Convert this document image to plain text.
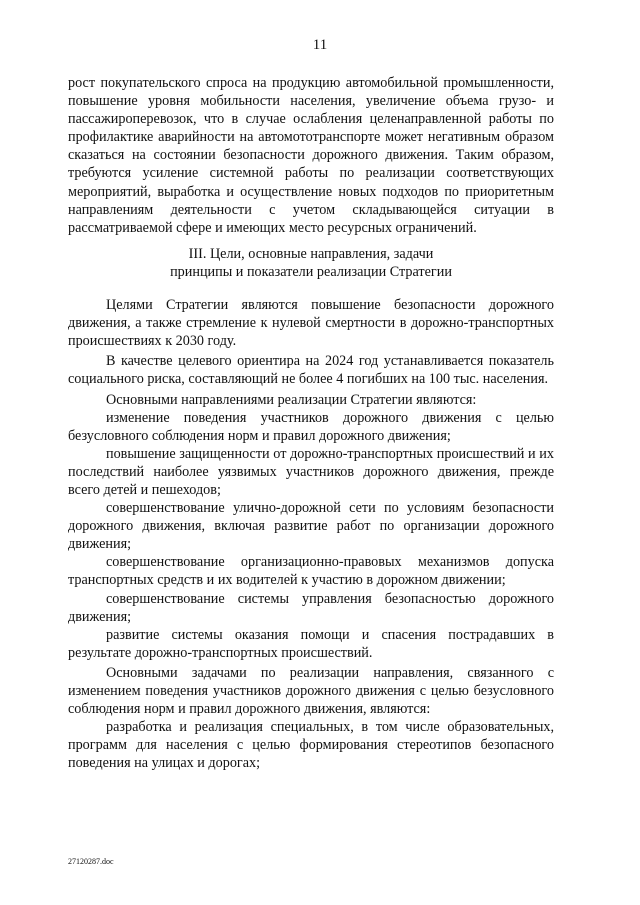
11

рост покупательского спроса на продукцию автомобильной промышленности, повышение уровня мобильности населения, увеличение объема грузо- и пассажироперевозок, что в случае ослабления целенаправленной работы по профилактике аварийности на автомототранспорте может негативным образом сказаться на состоянии безопасности дорожного движения. Таким образом, требуются усиление системной работы по реализации соответствующих мероприятий, выработка и осуществление новых подходов по приоритетным направлениям деятельности с учетом складывающейся ситуации в рассматриваемой сфере и имеющих место ресурсных ограничений.

III. Цели, основные направления, задачи
принципы и показатели реализации Стратегии

Целями Стратегии являются повышение безопасности дорожного движения, а также стремление к нулевой смертности в дорожно-транспортных происшествиях к 2030 году.

В качестве целевого ориентира на 2024 год устанавливается показатель социального риска, составляющий не более 4 погибших на 100 тыс. населения.

Основными направлениями реализации Стратегии являются:

изменение поведения участников дорожного движения с целью безусловного соблюдения норм и правил дорожного движения;

повышение защищенности от дорожно-транспортных происшествий и их последствий наиболее уязвимых участников дорожного движения, прежде всего детей и пешеходов;

совершенствование улично-дорожной сети по условиям безопасности дорожного движения, включая развитие работ по организации дорожного движения;

совершенствование организационно-правовых механизмов допуска транспортных средств и их водителей к участию в дорожном движении;

совершенствование системы управления безопасностью дорожного движения;

развитие системы оказания помощи и спасения пострадавших в результате дорожно-транспортных происшествий.

Основными задачами по реализации направления, связанного с изменением поведения участников дорожного движения с целью безусловного соблюдения норм и правил дорожного движения, являются:

разработка и реализация специальных, в том числе образовательных, программ для населения с целью формирования стереотипов безопасного поведения на улицах и дорогах;

27120287.doc
